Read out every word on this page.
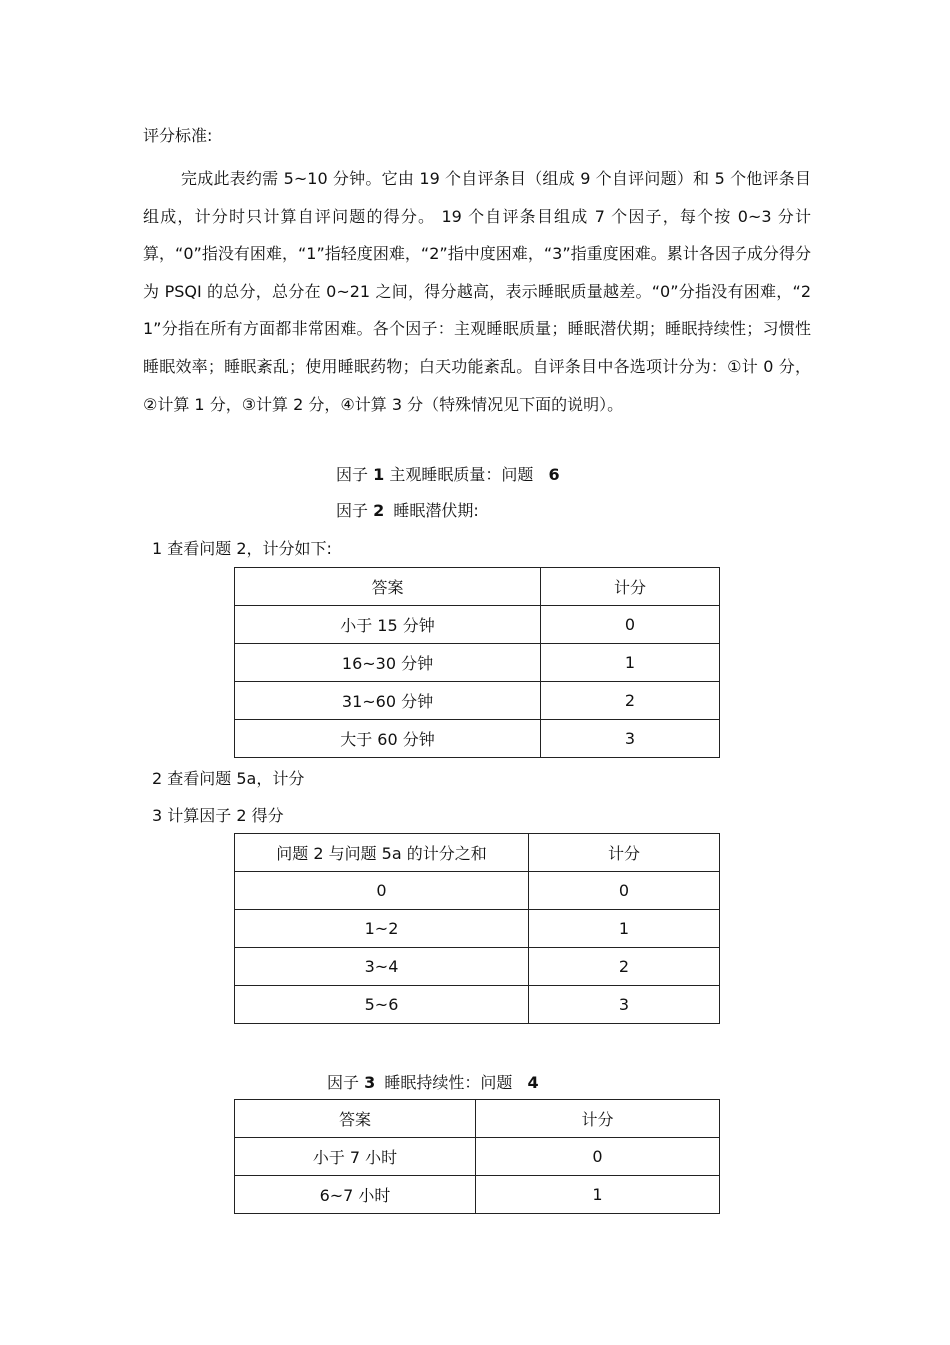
评分标准:
完成此表约需 5~10 分钟。它由 19 个自评条目（组成 9 个自评问题）和 5 个他评条目组成，计分时只计算自评问题的得分。 19 个自评条目组成 7 个因子，每个按 0~3 分计算，“0”指没有困难，“1”指轻度困难，“2”指中度困难，“3”指重度困难。累计各因子成分得分为 PSQI 的总分，总分在 0~21 之间，得分越高，表示睡眠质量越差。“0”分指没有困难，“21”分指在所有方面都非常困难。各个因子：主观睡眠质量；睡眠潜伏期；睡眠持续性；习惯性睡眠效率；睡眠紊乱；使用睡眠药物；白天功能紊乱。自评条目中各选项计分为：①计 0 分，②计算 1 分，③计算 2 分，④计算 3 分（特殊情况见下面的说明）。
因子 1 主观睡眠质量：问题 6
因子 2 睡眠潜伏期:
1 查看问题 2，计分如下:
答案	计分
小于 15 分钟	0
16~30 分钟	1
31~60 分钟	2
大于 60 分钟	3
2 查看问题 5a，计分
3 计算因子 2 得分
问题 2 与问题 5a 的计分之和	计分
0	0
1~2	1
3~4	2
5~6	3
因子 3 睡眠持续性：问题 4
答案	计分
小于 7 小时	0
6~7 小时	1
